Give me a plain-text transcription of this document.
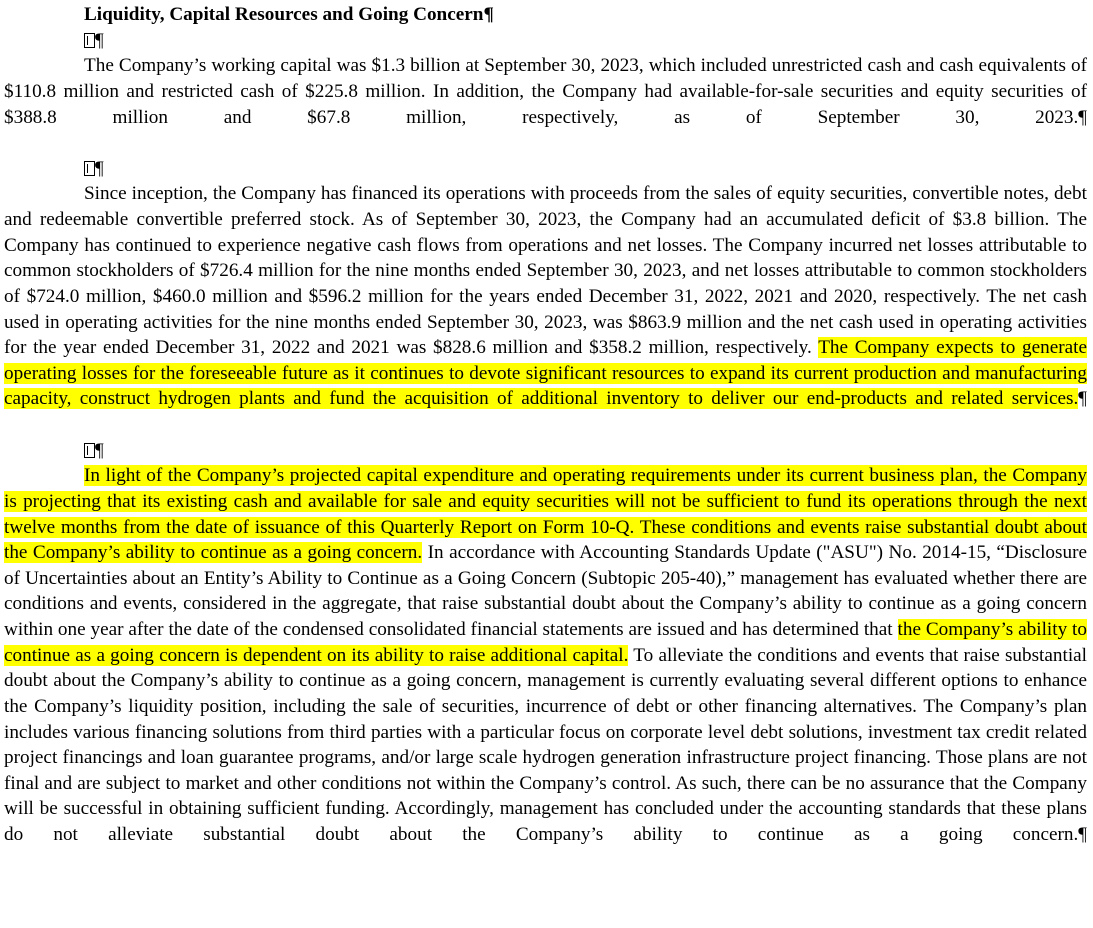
Liquidity, Capital Resources and Going Concern¶

¶

The Company’s working capital was $1.3 billion at September 30, 2023, which included unrestricted cash and cash equivalents of $110.8 million and restricted cash of $225.8 million. In addition, the Company had available-for-sale securities and equity securities of $388.8 million and $67.8 million, respectively, as of September 30, 2023.¶

¶

Since inception, the Company has financed its operations with proceeds from the sales of equity securities, convertible notes, debt and redeemable convertible preferred stock. As of September 30, 2023, the Company had an accumulated deficit of $3.8 billion. The Company has continued to experience negative cash flows from operations and net losses. The Company incurred net losses attributable to common stockholders of $726.4 million for the nine months ended September 30, 2023, and net losses attributable to common stockholders of $724.0 million, $460.0 million and $596.2 million for the years ended December 31, 2022, 2021 and 2020, respectively. The net cash used in operating activities for the nine months ended September 30, 2023, was $863.9 million and the net cash used in operating activities for the year ended December 31, 2022 and 2021 was $828.6 million and $358.2 million, respectively. The Company expects to generate operating losses for the foreseeable future as it continues to devote significant resources to expand its current production and manufacturing capacity, construct hydrogen plants and fund the acquisition of additional inventory to deliver our end-products and related services.¶

¶

In light of the Company’s projected capital expenditure and operating requirements under its current business plan, the Company is projecting that its existing cash and available for sale and equity securities will not be sufficient to fund its operations through the next twelve months from the date of issuance of this Quarterly Report on Form 10-Q. These conditions and events raise substantial doubt about the Company’s ability to continue as a going concern. In accordance with Accounting Standards Update ("ASU") No. 2014-15, “Disclosure of Uncertainties about an Entity’s Ability to Continue as a Going Concern (Subtopic 205-40),” management has evaluated whether there are conditions and events, considered in the aggregate, that raise substantial doubt about the Company’s ability to continue as a going concern within one year after the date of the condensed consolidated financial statements are issued and has determined that the Company’s ability to continue as a going concern is dependent on its ability to raise additional capital. To alleviate the conditions and events that raise substantial doubt about the Company’s ability to continue as a going concern, management is currently evaluating several different options to enhance the Company’s liquidity position, including the sale of securities, incurrence of debt or other financing alternatives. The Company’s plan includes various financing solutions from third parties with a particular focus on corporate level debt solutions, investment tax credit related project financings and loan guarantee programs, and/or large scale hydrogen generation infrastructure project financing. Those plans are not final and are subject to market and other conditions not within the Company’s control. As such, there can be no assurance that the Company will be successful in obtaining sufficient funding. Accordingly, management has concluded under the accounting standards that these plans do not alleviate substantial doubt about the Company’s ability to continue as a going concern.¶
